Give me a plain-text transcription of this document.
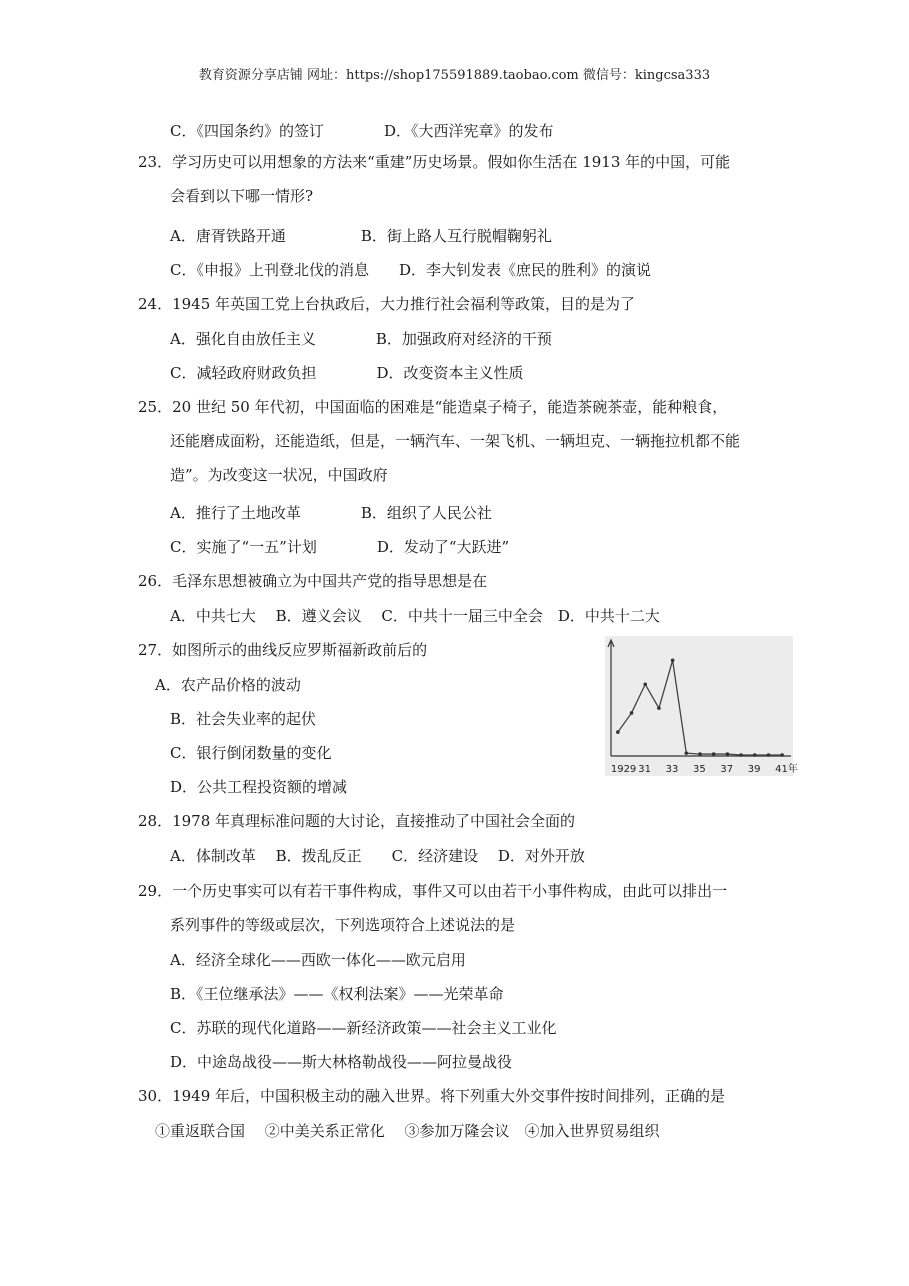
教育资源分享店铺 网址：https://shop175591889.taobao.com 微信号：kingcsa333
C．《四国条约》的签订　　　　D．《大西洋宪章》的发布
23．学习历史可以用想象的方法来“重建”历史场景。假如你生活在 1913 年的中国，可能
会看到以下哪一情形?
A．唐胥铁路开通　　　　　B．街上路人互行脱帽鞠躬礼
C．《申报》上刊登北伐的消息　　D．李大钊发表《庶民的胜利》的演说
24．1945 年英国工党上台执政后，大力推行社会福利等政策，目的是为了
A．强化自由放任主义　　　　B．加强政府对经济的干预
C．减轻政府财政负担　　　　D．改变资本主义性质
25．20 世纪 50 年代初，中国面临的困难是“能造桌子椅子，能造茶碗茶壶，能种粮食，
还能磨成面粉，还能造纸，但是，一辆汽车、一架飞机、一辆坦克、一辆拖拉机都不能
造”。为改变这一状况，中国政府
A．推行了土地改革　　　　B．组织了人民公社
C．实施了“一五”计划　　　　D．发动了“大跃进”
26．毛泽东思想被确立为中国共产党的指导思想是在
A．中共七大　 B．遵义会议　 C．中共十一届三中全会　D．中共十二大
27．如图所示的曲线反应罗斯福新政前后的
A．农产品价格的波动
B．社会失业率的起伏
C．银行倒闭数量的变化
D．公共工程投资额的增减
28．1978 年真理标准问题的大讨论，直接推动了中国社会全面的
A．体制改革　 B．拨乱反正　　C．经济建设　 D．对外开放
29．一个历史事实可以有若干事件构成，事件又可以由若干小事件构成，由此可以排出一
系列事件的等级或层次，下列选项符合上述说法的是
A．经济全球化——西欧一体化——欧元启用
B．《王位继承法》——《权利法案》——光荣革命
C．苏联的现代化道路——新经济政策——社会主义工业化
D．中途岛战役——斯大林格勒战役——阿拉曼战役
30．1949 年后，中国积极主动的融入世界。将下列重大外交事件按时间排列，正确的是
①重返联合国　 ②中美关系正常化　 ③参加万隆会议　④加入世界贸易组织
1929 31 33 35 37 39 41年
